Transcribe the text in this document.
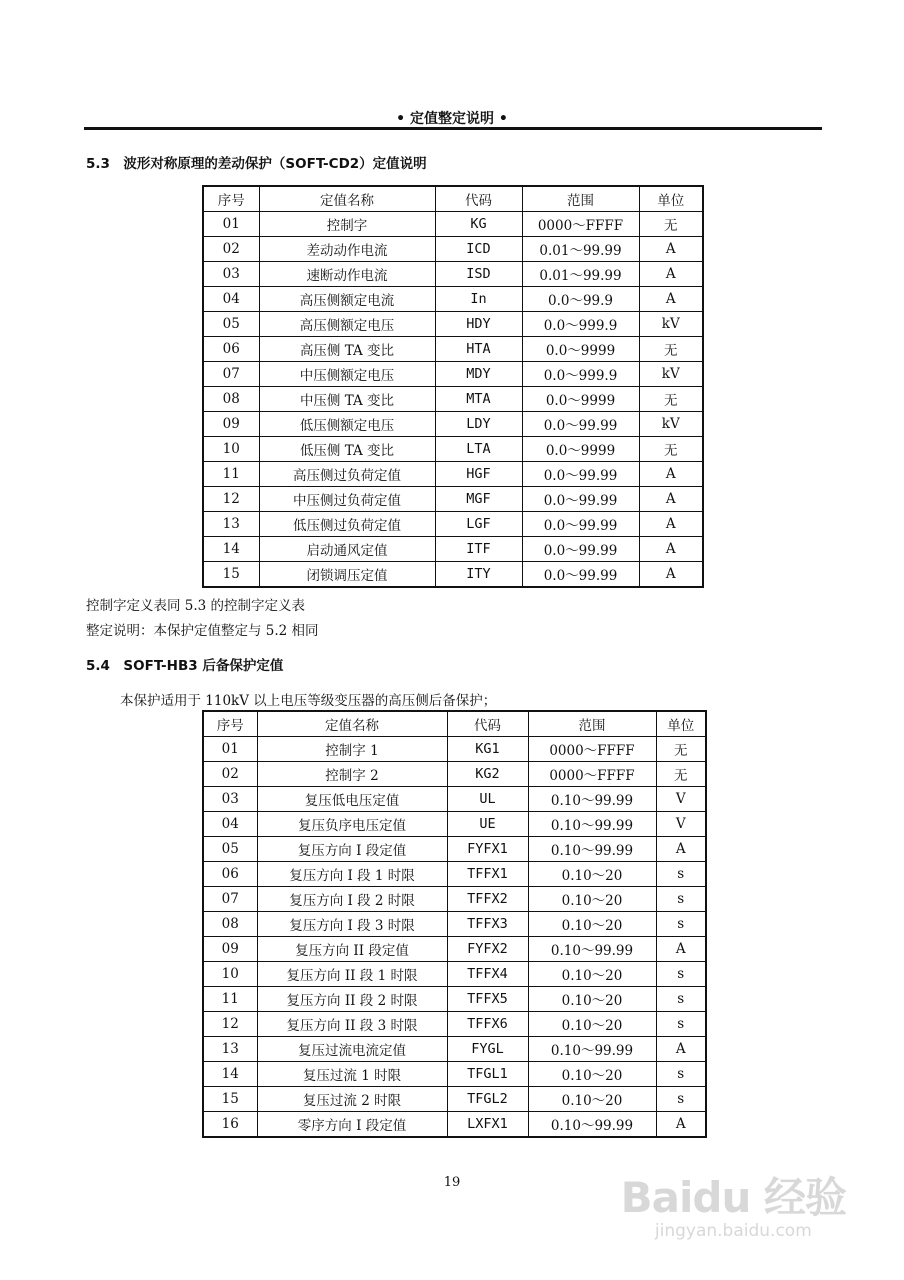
• 定值整定说明 •
5.3　波形对称原理的差动保护（SOFT-CD2）定值说明
序号	定值名称	代码	范围	单位
01	控制字	KG	0000～FFFF	无
02	差动动作电流	ICD	0.01～99.99	A
03	速断动作电流	ISD	0.01～99.99	A
04	高压侧额定电流	In	0.0～99.9	A
05	高压侧额定电压	HDY	0.0～999.9	kV
06	高压侧 TA 变比	HTA	0.0～9999	无
07	中压侧额定电压	MDY	0.0～999.9	kV
08	中压侧 TA 变比	MTA	0.0～9999	无
09	低压侧额定电压	LDY	0.0～99.99	kV
10	低压侧 TA 变比	LTA	0.0～9999	无
11	高压侧过负荷定值	HGF	0.0～99.99	A
12	中压侧过负荷定值	MGF	0.0～99.99	A
13	低压侧过负荷定值	LGF	0.0～99.99	A
14	启动通风定值	ITF	0.0～99.99	A
15	闭锁调压定值	ITY	0.0～99.99	A
控制字定义表同 5.3 的控制字定义表
整定说明：本保护定值整定与 5.2 相同
5.4　SOFT-HB3 后备保护定值
本保护适用于 110kV 以上电压等级变压器的高压侧后备保护；
序号	定值名称	代码	范围	单位
01	控制字 1	KG1	0000～FFFF	无
02	控制字 2	KG2	0000～FFFF	无
03	复压低电压定值	UL	0.10～99.99	V
04	复压负序电压定值	UE	0.10～99.99	V
05	复压方向 I 段定值	FYFX1	0.10～99.99	A
06	复压方向 I 段 1 时限	TFFX1	0.10～20	s
07	复压方向 I 段 2 时限	TFFX2	0.10～20	s
08	复压方向 I 段 3 时限	TFFX3	0.10～20	s
09	复压方向 II 段定值	FYFX2	0.10～99.99	A
10	复压方向 II 段 1 时限	TFFX4	0.10～20	s
11	复压方向 II 段 2 时限	TFFX5	0.10～20	s
12	复压方向 II 段 3 时限	TFFX6	0.10～20	s
13	复压过流电流定值	FYGL	0.10～99.99	A
14	复压过流 1 时限	TFGL1	0.10～20	s
15	复压过流 2 时限	TFGL2	0.10～20	s
16	零序方向 I 段定值	LXFX1	0.10～99.99	A
19	Baidu 经验
jingyan.baidu.com
